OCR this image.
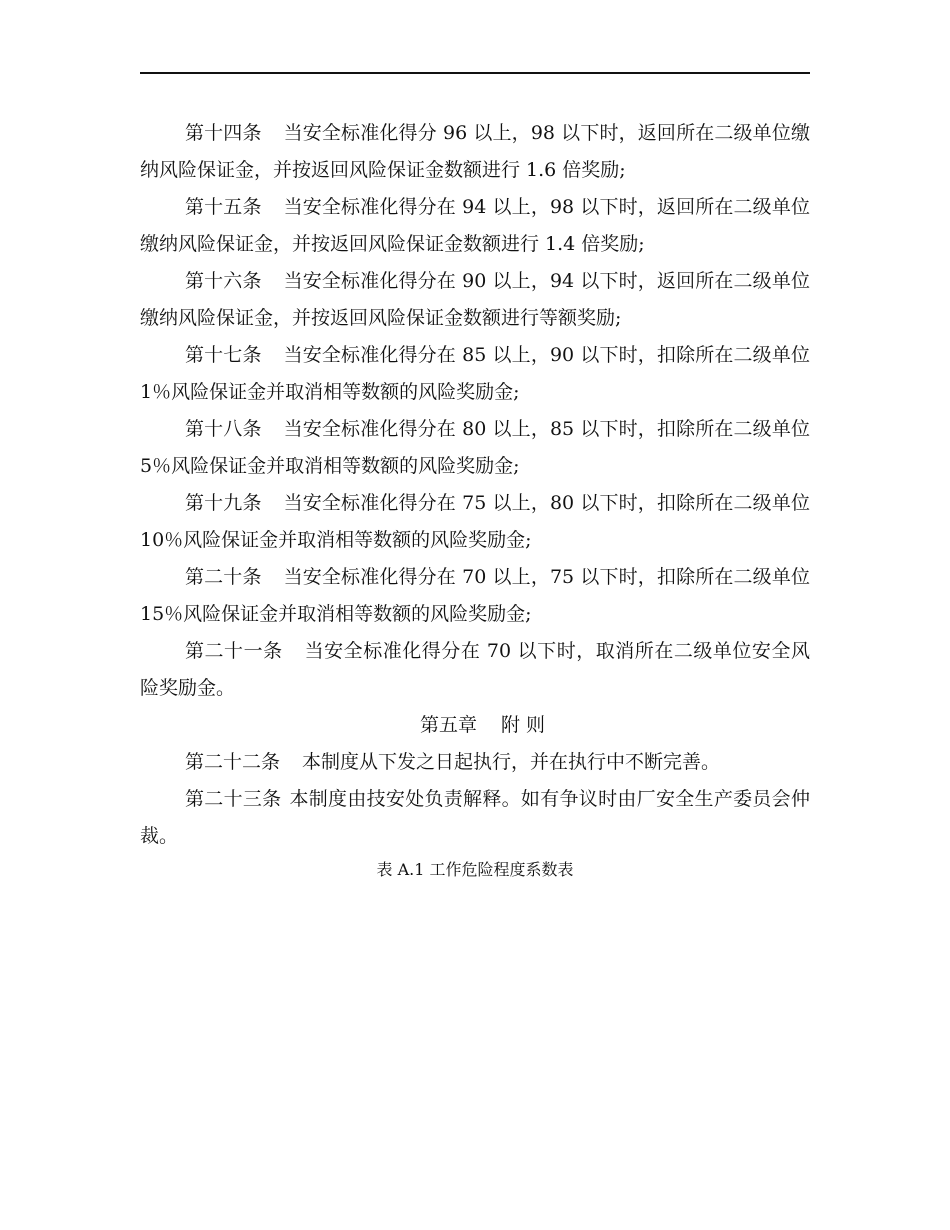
第十四条 当安全标准化得分 96 以上，98 以下时，返回所在二级单位缴纳风险保证金，并按返回风险保证金数额进行 1.6 倍奖励;

第十五条 当安全标准化得分在 94 以上，98 以下时，返回所在二级单位缴纳风险保证金，并按返回风险保证金数额进行 1.4 倍奖励;

第十六条 当安全标准化得分在 90 以上，94 以下时，返回所在二级单位缴纳风险保证金，并按返回风险保证金数额进行等额奖励;

第十七条 当安全标准化得分在 85 以上，90 以下时，扣除所在二级单位 1％风险保证金并取消相等数额的风险奖励金;

第十八条 当安全标准化得分在 80 以上，85 以下时，扣除所在二级单位 5％风险保证金并取消相等数额的风险奖励金;

第十九条 当安全标准化得分在 75 以上，80 以下时，扣除所在二级单位 10％风险保证金并取消相等数额的风险奖励金;

第二十条 当安全标准化得分在 70 以上，75 以下时，扣除所在二级单位 15％风险保证金并取消相等数额的风险奖励金;

第二十一条 当安全标准化得分在 70 以下时，取消所在二级单位安全风险奖励金。

第五章 附 则

第二十二条 本制度从下发之日起执行，并在执行中不断完善。

第二十三条 本制度由技安处负责解释。如有争议时由厂安全生产委员会仲裁。

表 A.1 工作危险程度系数表
